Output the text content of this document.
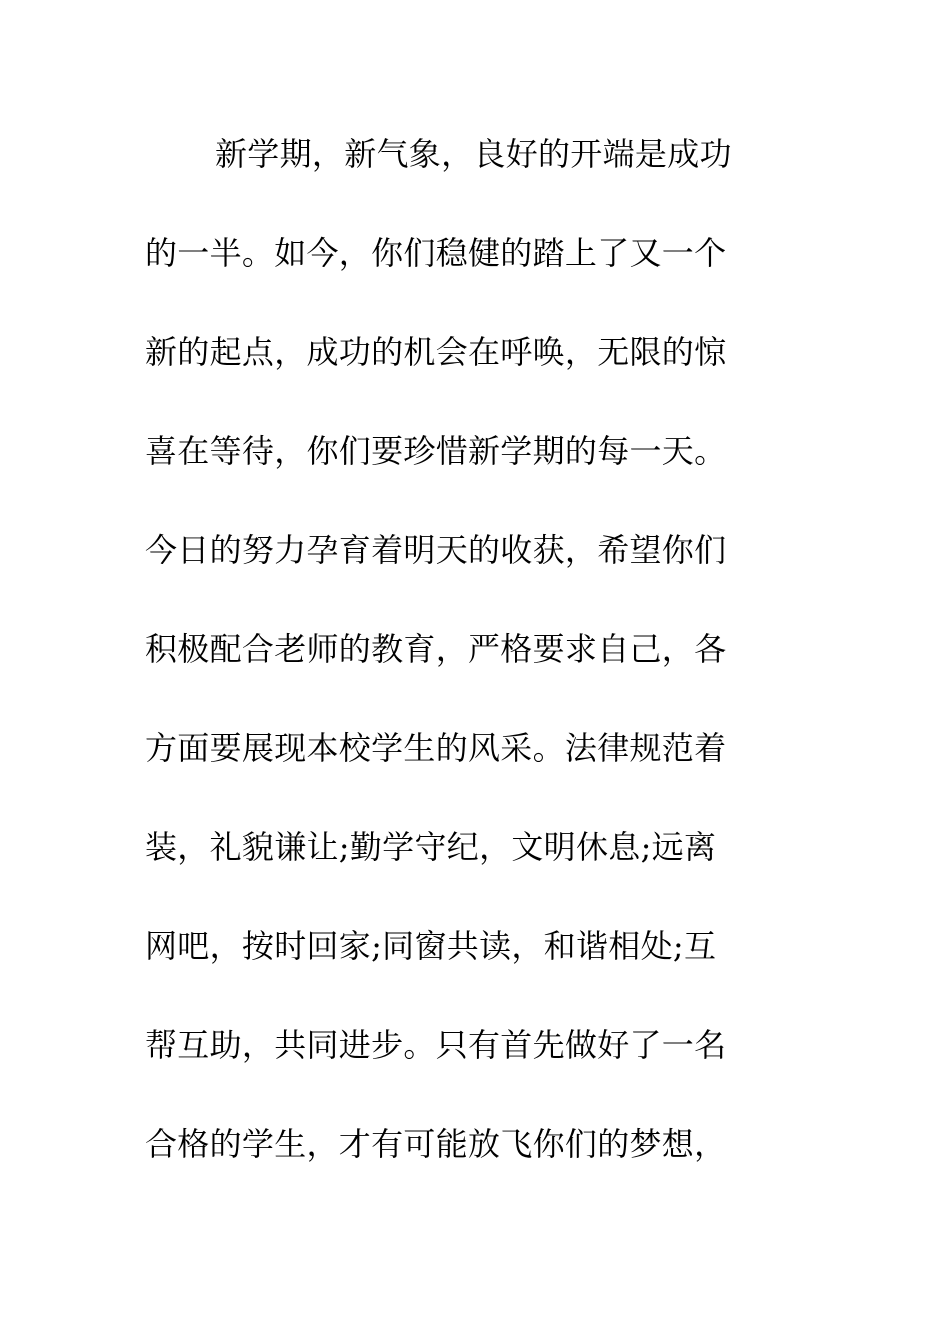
新学期，新气象，良好的开端是成功
的一半。如今，你们稳健的踏上了又一个
新的起点，成功的机会在呼唤，无限的惊
喜在等待，你们要珍惜新学期的每一天。
今日的努力孕育着明天的收获，希望你们
积极配合老师的教育，严格要求自己，各
方面要展现本校学生的风采。法律规范着
装，礼貌谦让;勤学守纪，文明休息;远离
网吧，按时回家;同窗共读，和谐相处;互
帮互助，共同进步。只有首先做好了一名
合格的学生，才有可能放飞你们的梦想，
